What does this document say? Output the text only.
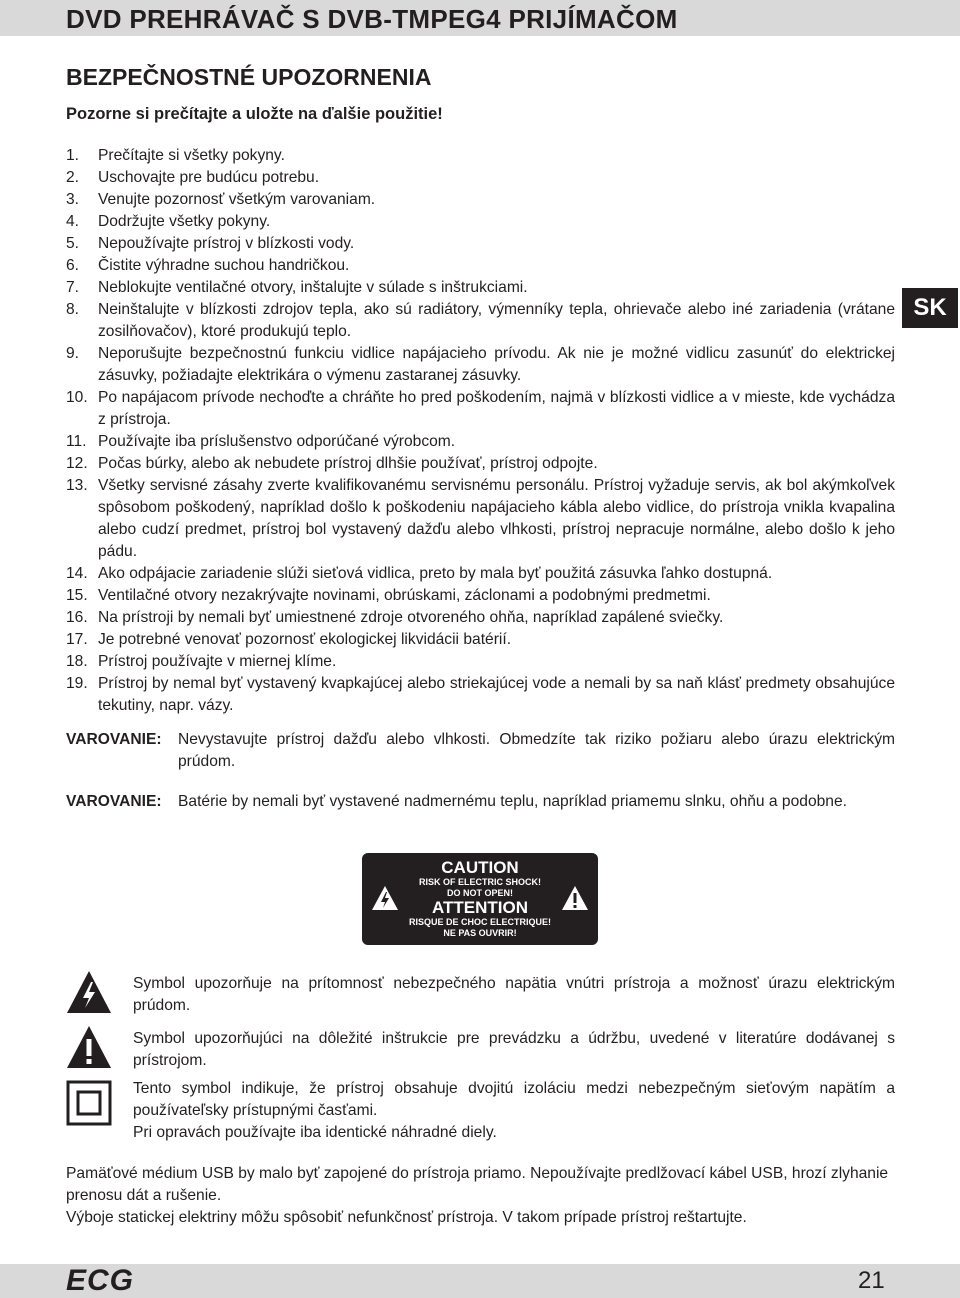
DVD PREHRÁVAČ S DVB-TMPEG4 PRIJÍMAČOM
BEZPEČNOSTNÉ UPOZORNENIA
Pozorne si prečítajte a uložte na ďalšie použitie!
SK
1.	Prečítajte si všetky pokyny.
2.	Uschovajte pre budúcu potrebu.
3.	Venujte pozornosť všetkým varovaniam.
4.	Dodržujte všetky pokyny.
5.	Nepoužívajte prístroj v blízkosti vody.
6.	Čistite výhradne suchou handričkou.
7.	Neblokujte ventilačné otvory, inštalujte v súlade s inštrukciami.
8.	Neinštalujte v blízkosti zdrojov tepla, ako sú radiátory, výmenníky tepla, ohrievače alebo iné zariadenia (vrátane zosilňovačov), ktoré produkujú teplo.
9.	Neporušujte bezpečnostnú funkciu vidlice napájacieho prívodu. Ak nie je možné vidlicu zasunúť do elektrickej zásuvky, požiadajte elektrikára o výmenu zastaranej zásuvky.
10. Po napájacom prívode nechoďte a chráňte ho pred poškodením, najmä v blízkosti vidlice a v mieste, kde vychádza z prístroja.
11. Používajte iba príslušenstvo odporúčané výrobcom.
12. Počas búrky, alebo ak nebudete prístroj dlhšie používať, prístroj odpojte.
13. Všetky servisné zásahy zverte kvalifikovanému servisnému personálu. Prístroj vyžaduje servis, ak bol akýmkoľvek spôsobom poškodený, napríklad došlo k poškodeniu napájacieho kábla alebo vidlice, do prístroja vnikla kvapalina alebo cudzí predmet, prístroj bol vystavený dažďu alebo vlhkosti, prístroj nepracuje normálne, alebo došlo k jeho pádu.
14. Ako odpájacie zariadenie slúži sieťová vidlica, preto by mala byť použitá zásuvka ľahko dostupná.
15. Ventilačné otvory nezakrývajte novinami, obrúskami, záclonami a podobnými predmetmi.
16. Na prístroji by nemali byť umiestnené zdroje otvoreného ohňa, napríklad zapálené sviečky.
17. Je potrebné venovať pozornosť ekologickej likvidácii batérií.
18. Prístroj používajte v miernej klíme.
19. Prístroj by nemal byť vystavený kvapkajúcej alebo striekajúcej vode a nemali by sa naň klásť predmety obsahujúce tekutiny, napr. vázy.
VAROVANIE:	Nevystavujte prístroj dažďu alebo vlhkosti. Obmedzíte tak riziko požiaru alebo úrazu elektrickým prúdom.
VAROVANIE:	Batérie by nemali byť vystavené nadmernému teplu, napríklad priamemu slnku, ohňu a podobne.
CAUTION
RISK OF ELECTRIC SHOCK!
DO NOT OPEN!
ATTENTION
RISQUE DE CHOC ELECTRIQUE!
NE PAS OUVRIR!
Symbol upozorňuje na prítomnosť nebezpečného napätia vnútri prístroja a možnosť úrazu elektrickým prúdom.
Symbol upozorňujúci na dôležité inštrukcie pre prevádzku a údržbu, uvedené v literatúre dodávanej s prístrojom.
Tento symbol indikuje, že prístroj obsahuje dvojitú izoláciu medzi nebezpečným sieťovým napätím a používateľsky prístupnými časťami.
Pri opravách používajte iba identické náhradné diely.
Pamäťové médium USB by malo byť zapojené do prístroja priamo. Nepoužívajte predlžovací kábel USB, hrozí zlyhanie prenosu dát a rušenie.
Výboje statickej elektriny môžu spôsobiť nefunkčnosť prístroja. V takom prípade prístroj reštartujte.
ECG	21
